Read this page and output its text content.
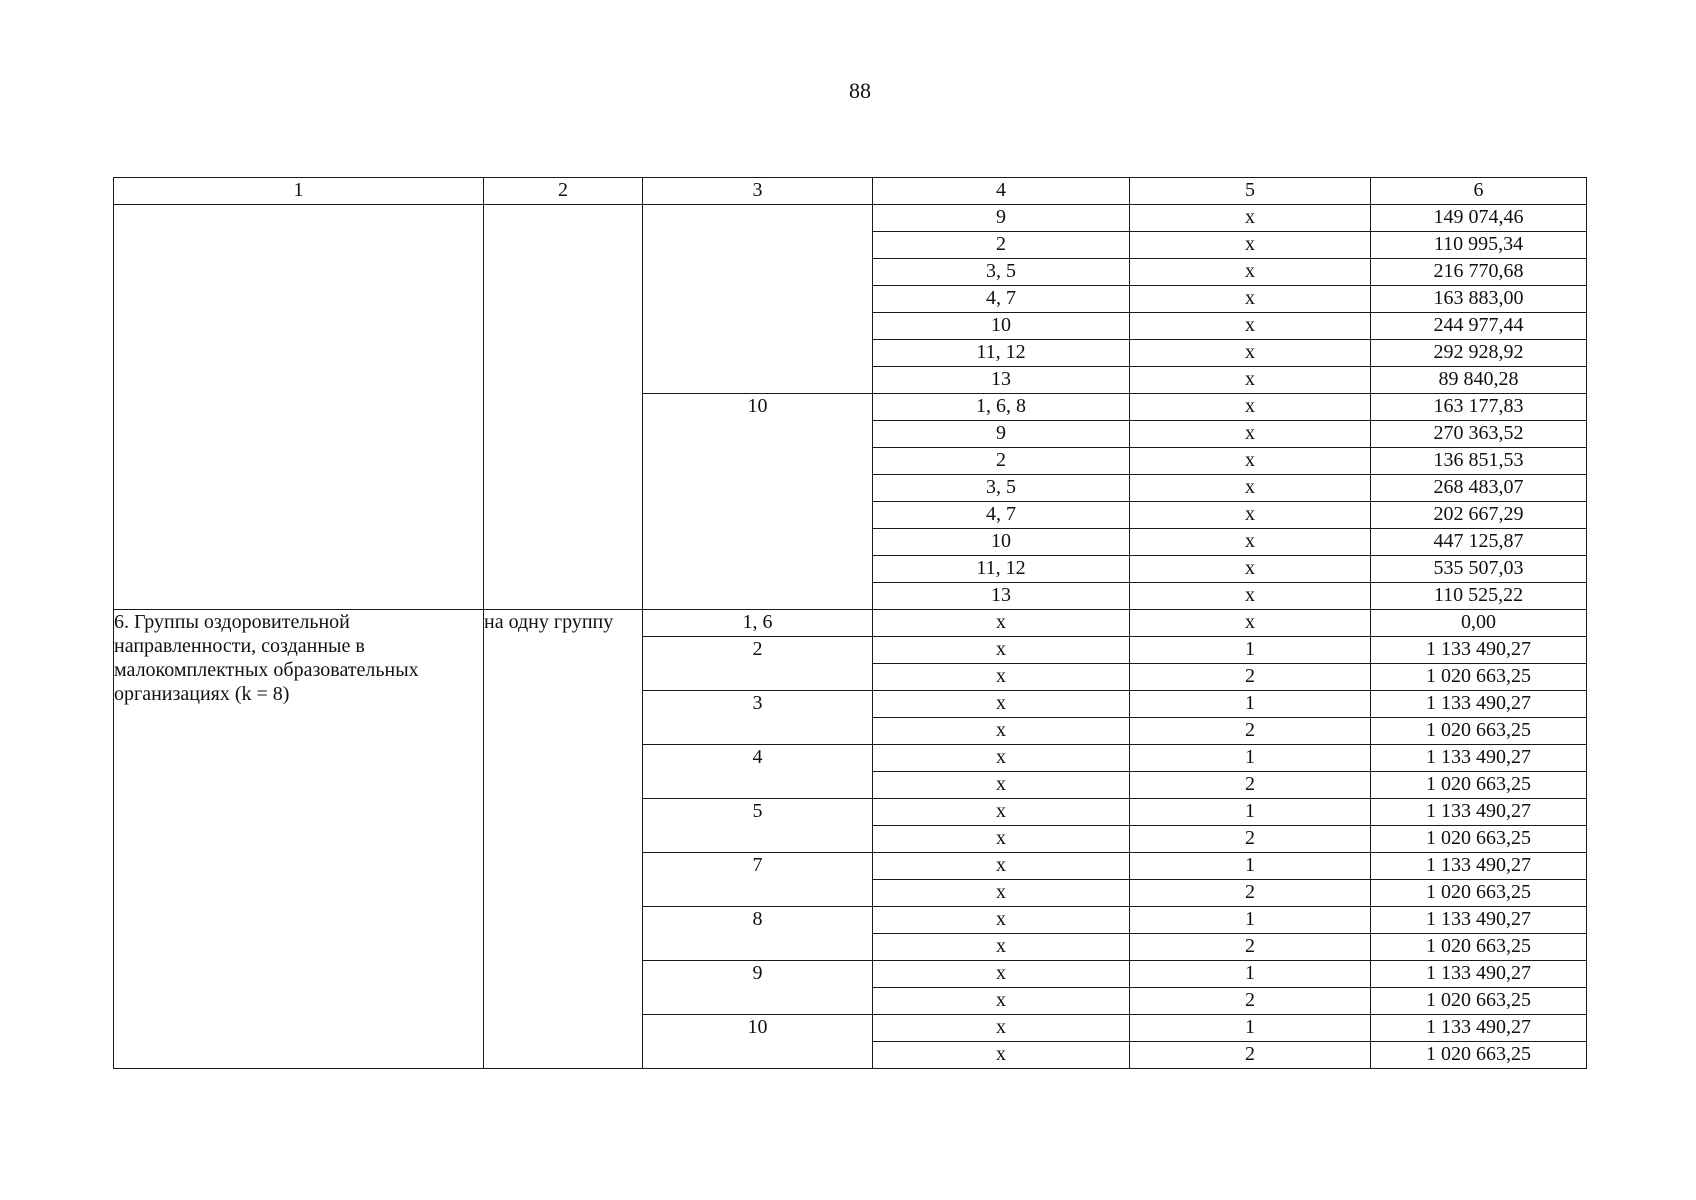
88
1	2	3	4	5	6
			9	х	149 074,46
			2	х	110 995,34
			3, 5	х	216 770,68
			4, 7	х	163 883,00
			10	х	244 977,44
			11, 12	х	292 928,92
			13	х	89 840,28
		10	1, 6, 8	х	163 177,83
			9	х	270 363,52
			2	х	136 851,53
			3, 5	х	268 483,07
			4, 7	х	202 667,29
			10	х	447 125,87
			11, 12	х	535 507,03
			13	х	110 525,22
6. Группы оздоровительной направленности, созданные в малокомплектных образовательных организациях (k = 8)	на одну группу	1, 6	х	х	0,00
		2	х	1	1 133 490,27
			х	2	1 020 663,25
		3	х	1	1 133 490,27
			х	2	1 020 663,25
		4	х	1	1 133 490,27
			х	2	1 020 663,25
		5	х	1	1 133 490,27
			х	2	1 020 663,25
		7	х	1	1 133 490,27
			х	2	1 020 663,25
		8	х	1	1 133 490,27
			х	2	1 020 663,25
		9	х	1	1 133 490,27
			х	2	1 020 663,25
		10	х	1	1 133 490,27
			х	2	1 020 663,25
